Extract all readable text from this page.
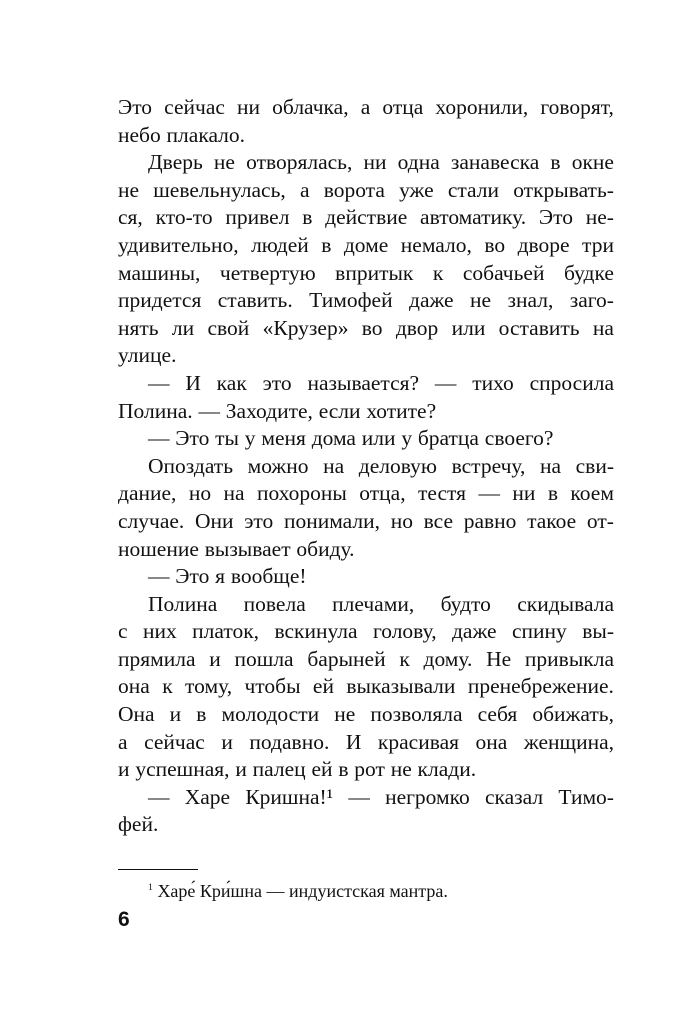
Это сейчас ни облачка, а отца хоронили, говорят,
небо плакало.
Дверь не отворялась, ни одна занавеска в окне
не шевельнулась, а ворота уже стали открывать-
ся, кто-то привел в действие автоматику. Это не-
удивительно, людей в доме немало, во дворе три
машины, четвертую впритык к собачьей будке
придется ставить. Тимофей даже не знал, заго-
нять ли свой «Крузер» во двор или оставить на
улице.
— И как это называется? — тихо спросила
Полина. — Заходите, если хотите?
— Это ты у меня дома или у братца своего?
Опоздать можно на деловую встречу, на сви-
дание, но на похороны отца, тестя — ни в коем
случае. Они это понимали, но все равно такое от-
ношение вызывает обиду.
— Это я вообще!
Полина повела плечами, будто скидывала
с них платок, вскинула голову, даже спину вы-
прямила и пошла барыней к дому. Не привыкла
она к тому, чтобы ей выказывали пренебрежение.
Она и в молодости не позволяла себя обижать,
а сейчас и подавно. И красивая она женщина,
и успешная, и палец ей в рот не клади.
— Харе Кришна!¹ — негромко сказал Тимо-
фей.
$^1$ Харе́ Кри́шна — индуистская мантра.
6
